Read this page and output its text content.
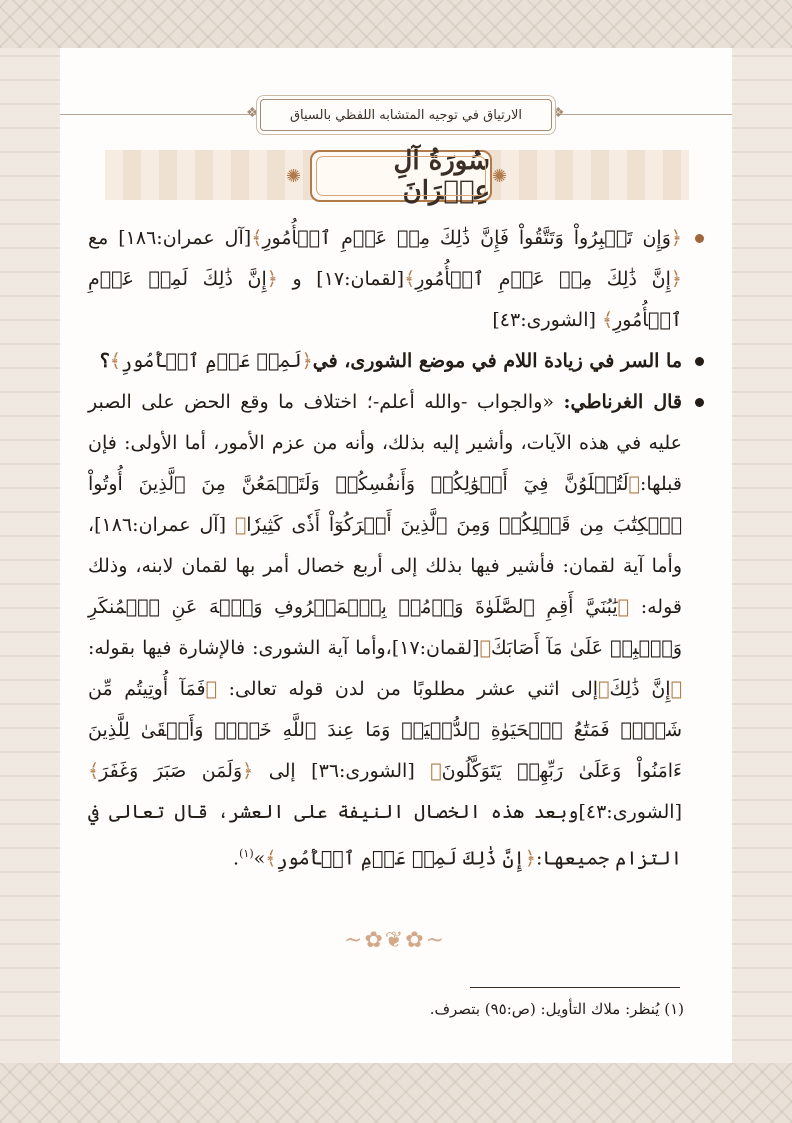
❖	❖
الارتياق في توجيه المتشابه اللفظي بالسياق
✺	✺
سُورَةُ آلِ عِمۡرَانَ

﴿وَإِن تَصۡبِرُواْ وَتَتَّقُواْ فَإِنَّ ذَٰلِكَ مِنۡ عَزۡمِ ٱلۡأُمُورِ﴾[آل عمران:١٨٦] مع ﴿إِنَّ ذَٰلِكَ مِنۡ عَزۡمِ ٱلۡأُمُورِ﴾[لقمان:١٧] و ﴿إِنَّ ذَٰلِكَ لَمِنۡ عَزۡمِ ٱلۡأُمُورِ﴾ [الشورى:٤٣]

ما السر في زيادة اللام في موضع الشورى، في﴿لَمِنۡ عَزۡمِ ٱلۡأُمُورِ﴾؟

قال الغرناطي: «والجواب -والله أعلم-؛ اختلاف ما وقع الحض على الصبر عليه في هذه الآيات، وأشير إليه بذلك، وأنه من عزم الأمور، أما الأولى: فإن قبلها:﴿لَتُبۡلَوُنَّ فِيٓ أَمۡوَٰلِكُمۡ وَأَنفُسِكُمۡ وَلَتَسۡمَعُنَّ مِنَ ٱلَّذِينَ أُوتُواْ ٱلۡكِتَٰبَ مِن قَبۡلِكُمۡ وَمِنَ ٱلَّذِينَ أَشۡرَكُوٓاْ أَذٗى كَثِيرٗا﴾ [آل عمران:١٨٦]، وأما آية لقمان: فأشير فيها بذلك إلى أربع خصال أمر بها لقمان لابنه، وذلك قوله: ﴿يَٰبُنَيَّ أَقِمِ ٱلصَّلَوٰةَ وَأۡمُرۡ بِٱلۡمَعۡرُوفِ وَٱنۡهَ عَنِ ٱلۡمُنكَرِ وَٱصۡبِرۡ عَلَىٰ مَآ أَصَابَكَ﴾[لقمان:١٧]،وأما آية الشورى: فالإشارة فيها بقوله:﴿إِنَّ ذَٰلِكَ﴾إلى اثني عشر مطلوبًا من لدن قوله تعالى: ﴿فَمَآ أُوتِيتُم مِّن شَيۡءٖ فَمَتَٰعُ ٱلۡحَيَوٰةِ ٱلدُّنۡيَاۖ وَمَا عِندَ ٱللَّهِ خَيۡرٞ وَأَبۡقَىٰ لِلَّذِينَ ءَامَنُواْ وَعَلَىٰ رَبِّهِمۡ يَتَوَكَّلُونَ﴾ [الشورى:٣٦] إلى ﴿وَلَمَن صَبَرَ وَغَفَرَ﴾ [الشورى:٤٣]وبعد هذه الخصال النيفة على العشر، قال تعالى في التزام جميعها:﴿إِنَّ ذَٰلِكَ لَمِنۡ عَزۡمِ ٱلۡأُمُورِ﴾»$^{(١)}$.

~✿❦✿~
(١) يُنظر: ملاك التأويل: (ص:٩٥) بتصرف.
